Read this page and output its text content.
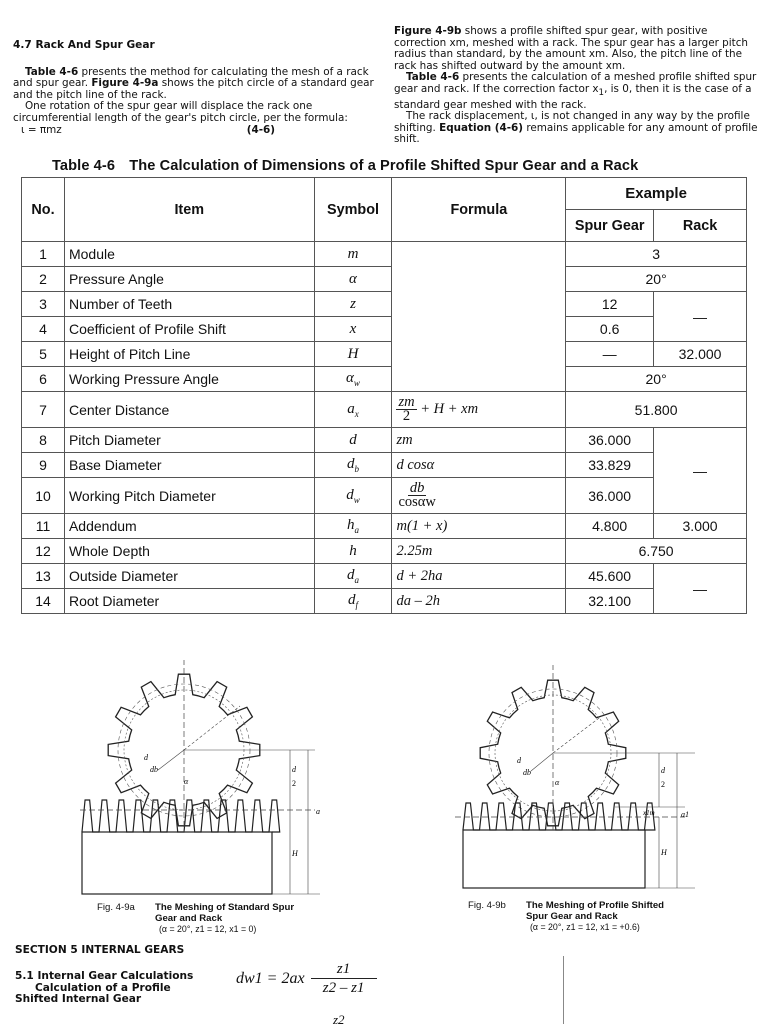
4.7 Rack And Spur Gear

Table 4-6 presents the method for calculating the mesh of a rack and spur gear. Figure 4-9a shows the pitch circle of a standard gear and the pitch line of the rack.

One rotation of the spur gear will displace the rack one circumferential length of the gear's pitch circle, per the formula:

ι = πmz	(4-6)

Figure 4-9b shows a profile shifted spur gear, with positive correction xm, meshed with a rack. The spur gear has a larger pitch radius than standard, by the amount xm. Also, the pitch line of the rack has shifted outward by the amount xm.

Table 4-6 presents the calculation of a meshed profile shifted spur gear and rack. If the correction factor $x_1$, is 0, then it is the case of a standard gear meshed with the rack.

The rack displacement, ι, is not changed in any way by the profile shifting. Equation (4-6) remains applicable for any amount of profile shift.

Table 4-6 The Calculation of Dimensions of a Profile Shifted Spur Gear and a Rack
No.	Item	Symbol	Formula	Example	
				Spur Gear	Rack
1	Module	m		3	
2	Pressure Angle	α		20°	
3	Number of Teeth	z		12	—
4	Coefficient of Profile Shift	x		0.6	
5	Height of Pitch Line	H		—	32.000
6	Working Pressure Angle	$\alpha_w$		20°	
7	Center Distance	$a_x$	$\frac{zm}{2} + H$ + xm	51.800	
8	Pitch Diameter	d	zm	36.000	—
9	Base Diameter	$d_b$	d cosα	33.829	
10	Working Pitch Diameter	$d_w$	$\frac{db}{\cos\alpha w}$	36.000	
11	Addendum	$h_a$	m(1 + x)	4.800	3.000
12	Whole Depth	h	2.25m	6.750	
13	Outside Diameter	$d_a$	d + 2ha	45.600	—
14	Root Diameter	$d_f$	da – 2h	32.100	
d
db
α
d
2
a
H
Fig. 4-9a The Meshing of Standard Spur Gear and Rack
(α = 20°, z1 = 12, x1 = 0)
d
db
α
d
2
a1
x1m
H
Fig. 4-9b The Meshing of Profile Shifted Spur Gear and Rack
(α = 20°, z1 = 12, x1 = +0.6)
SECTION 5 INTERNAL GEARS
5.1 Internal Gear Calculations
Calculation of a Profile
Shifted Internal Gear
$dw1 = 2ax \frac{z1}{z2 - z1}$
z2
